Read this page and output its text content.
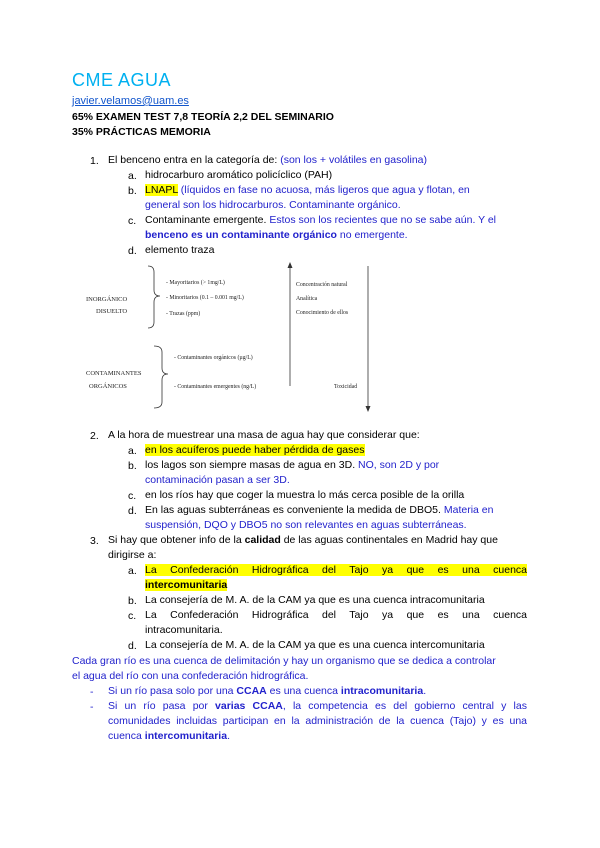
CME AGUA
javier.velamos@uam.es
65% EXAMEN TEST 7,8 TEORÍA 2,2 DEL SEMINARIO
35% PRÁCTICAS MEMORIA
1. El benceno entra en la categoría de: (son los + volátiles en gasolina)
a. hidrocarburo aromático policíclico (PAH)
b. LNAPL (líquidos en fase no acuosa, más ligeros que agua y flotan, en
general son los hidrocarburos. Contaminante orgánico.
c. Contaminante emergente. Estos son los recientes que no se sabe aún. Y el
benceno es un contaminante orgánico no emergente.
d. elemento traza
INORGÁNICO
DISUELTO
- Mayoritarios (> 1mg/L)
- Minoritarios (0.1 – 0.001 mg/L)
- Trazas (ppm)
Concentración natural
Analítica
Conocimiento de ellos
CONTAMINANTES
ORGÁNICOS
- Contaminantes orgánicos (µg/L)
- Contaminantes emergentes (ng/L)	Toxicidad
2. A la hora de muestrear una masa de agua hay que considerar que:
a. en los acuíferos puede haber pérdida de gases
b. los lagos son siempre masas de agua en 3D. NO, son 2D y por
contaminación pasan a ser 3D.
c. en los ríos hay que coger la muestra lo más cerca posible de la orilla
d. En las aguas subterráneas es conveniente la medida de DBO5. Materia en
suspensión, DQO y DBO5 no son relevantes en aguas subterráneas.
3. Si hay que obtener info de la calidad de las aguas continentales en Madrid hay que
dirigirse a:
a. La Confederación Hidrográfica del Tajo ya que es una cuenca
intercomunitaria
b. La consejería de M. A. de la CAM ya que es una cuenca intracomunitaria
c. La Confederación Hidrográfica del Tajo ya que es una cuenca
intracomunitaria.
d. La consejería de M. A. de la CAM ya que es una cuenca intercomunitaria
Cada gran río es una cuenca de delimitación y hay un organismo que se dedica a controlar
el agua del río con una confederación hidrográfica.
- Si un río pasa solo por una CCAA es una cuenca intracomunitaria.
- Si un río pasa por varias CCAA, la competencia es del gobierno central y las
comunidades incluidas participan en la administración de la cuenca (Tajo) y es una
cuenca intercomunitaria.
